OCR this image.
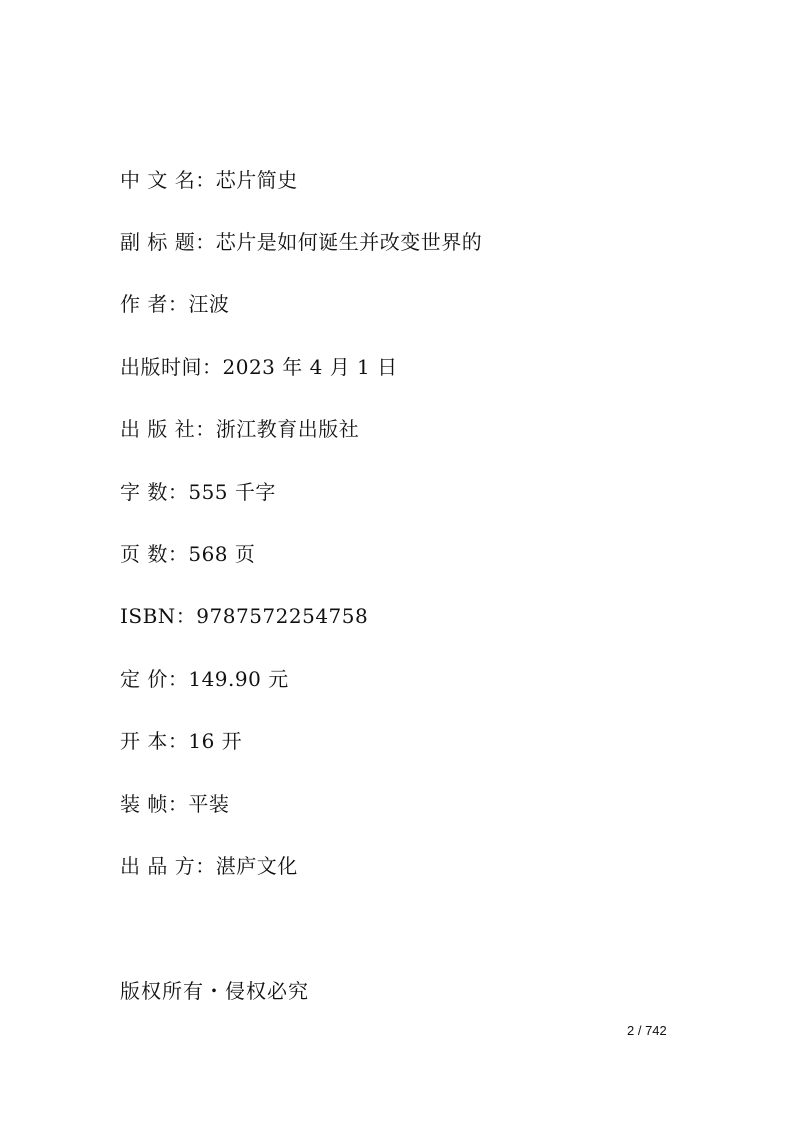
中 文 名：芯片简史
副 标 题：芯片是如何诞生并改变世界的
作 者：汪波
出版时间：2023 年 4 月 1 日
出 版 社：浙江教育出版社
字 数：555 千字
页 数：568 页
ISBN：9787572254758
定 价：149.90 元
开 本：16 开
装 帧：平装
出 品 方：湛庐文化
版权所有・侵权必究
2 / 742
